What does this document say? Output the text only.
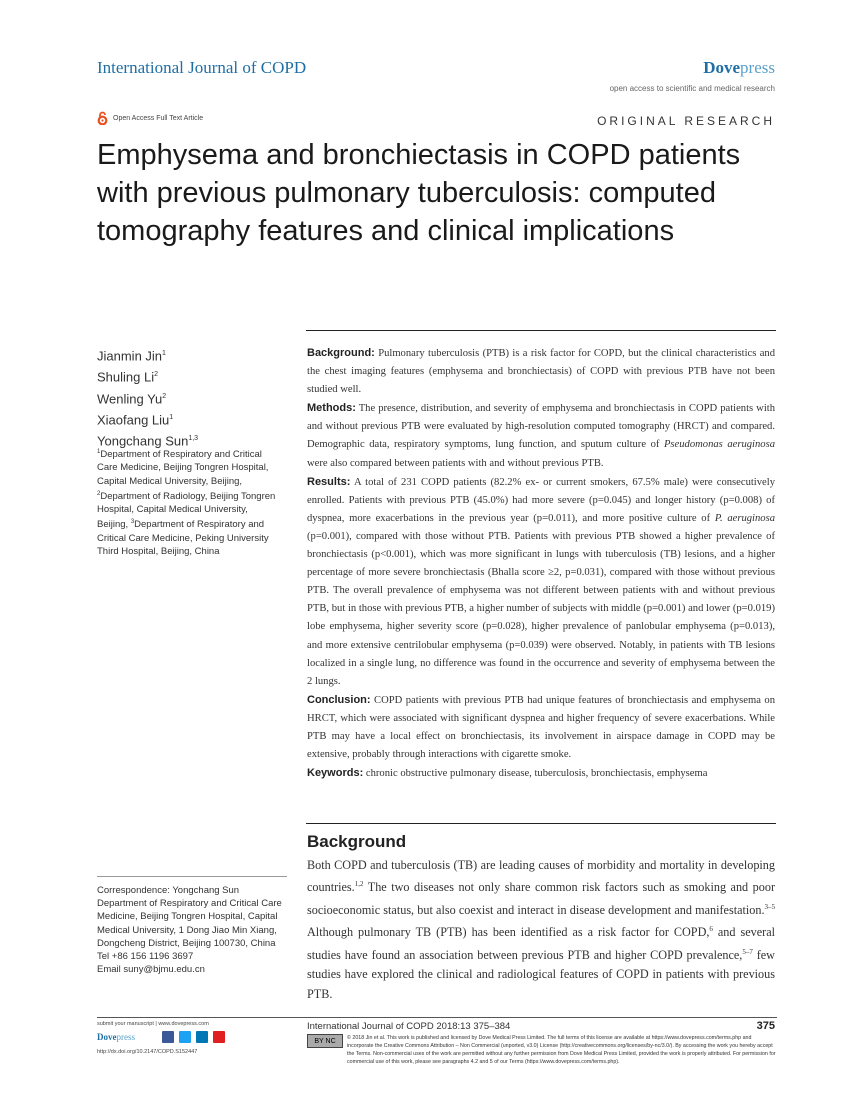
International Journal of COPD	Dovepress
open access to scientific and medical research
Open Access Full Text Article	ORIGINAL RESEARCH
Emphysema and bronchiectasis in COPD patients with previous pulmonary tuberculosis: computed tomography features and clinical implications
Jianmin Jin$^1$
Shuling Li$^2$
Wenling Yu$^2$
Xiaofang Liu$^1$
Yongchang Sun$^{1,3}$
$^1$Department of Respiratory and Critical Care Medicine, Beijing Tongren Hospital, Capital Medical University, Beijing, $^2$Department of Radiology, Beijing Tongren Hospital, Capital Medical University, Beijing, $^3$Department of Respiratory and Critical Care Medicine, Peking University Third Hospital, Beijing, China

Background: Pulmonary tuberculosis (PTB) is a risk factor for COPD, but the clinical characteristics and the chest imaging features (emphysema and bronchiectasis) of COPD with previous PTB have not been studied well.

Methods: The presence, distribution, and severity of emphysema and bronchiectasis in COPD patients with and without previous PTB were evaluated by high-resolution computed tomography (HRCT) and compared. Demographic data, respiratory symptoms, lung function, and sputum culture of Pseudomonas aeruginosa were also compared between patients with and without previous PTB.

Results: A total of 231 COPD patients (82.2% ex- or current smokers, 67.5% male) were consecutively enrolled. Patients with previous PTB (45.0%) had more severe (p=0.045) and longer history (p=0.008) of dyspnea, more exacerbations in the previous year (p=0.011), and more positive culture of P. aeruginosa (p=0.001), compared with those without PTB. Patients with previous PTB showed a higher prevalence of bronchiectasis (p<0.001), which was more significant in lungs with tuberculosis (TB) lesions, and a higher percentage of more severe bronchiectasis (Bhalla score ≥2, p=0.031), compared with those without previous PTB. The overall prevalence of emphysema was not different between patients with and without previous PTB, but in those with previous PTB, a higher number of subjects with middle (p=0.001) and lower (p=0.019) lobe emphysema, higher severity score (p=0.028), higher prevalence of panlobular emphysema (p=0.013), and more extensive centrilobular emphysema (p=0.039) were observed. Notably, in patients with TB lesions localized in a single lung, no difference was found in the occurrence and severity of emphysema between the 2 lungs.

Conclusion: COPD patients with previous PTB had unique features of bronchiectasis and emphysema on HRCT, which were associated with significant dyspnea and higher frequency of severe exacerbations. While PTB may have a local effect on bronchiectasis, its involvement in airspace damage in COPD may be extensive, probably through interactions with cigarette smoke.

Keywords: chronic obstructive pulmonary disease, tuberculosis, bronchiectasis, emphysema

Background
Both COPD and tuberculosis (TB) are leading causes of morbidity and mortality in developing countries.$^{1,2}$ The two diseases not only share common risk factors such as smoking and poor socioeconomic status, but also coexist and interact in disease development and manifestation.$^{3-5}$ Although pulmonary TB (PTB) has been identified as a risk factor for COPD,$^6$ and several studies have found an association between previous PTB and higher COPD prevalence,$^{5-7}$ few studies have explored the clinical and radiological features of COPD in patients with previous PTB.
Correspondence: Yongchang Sun
Department of Respiratory and Critical Care Medicine, Beijing Tongren Hospital, Capital Medical University, 1 Dong Jiao Min Xiang, Dongcheng District, Beijing 100730, China
Tel +86 156 1196 3697
Email suny@bjmu.edu.cn
submit your manuscript | www.dovepress.com
Dovepress
http://dx.doi.org/10.2147/COPD.S152447
International Journal of COPD 2018:13 375–384	375
BY NC	© 2018 Jin et al. This work is published and licensed by Dove Medical Press Limited. The full terms of this license are available at https://www.dovepress.com/terms.php and incorporate the Creative Commons Attribution – Non Commercial (unported, v3.0) License (http://creativecommons.org/licenses/by-nc/3.0/). By accessing the work you hereby accept the Terms. Non-commercial uses of the work are permitted without any further permission from Dove Medical Press Limited, provided the work is properly attributed. For permission for commercial use of this work, please see paragraphs 4.2 and 5 of our Terms (https://www.dovepress.com/terms.php).
